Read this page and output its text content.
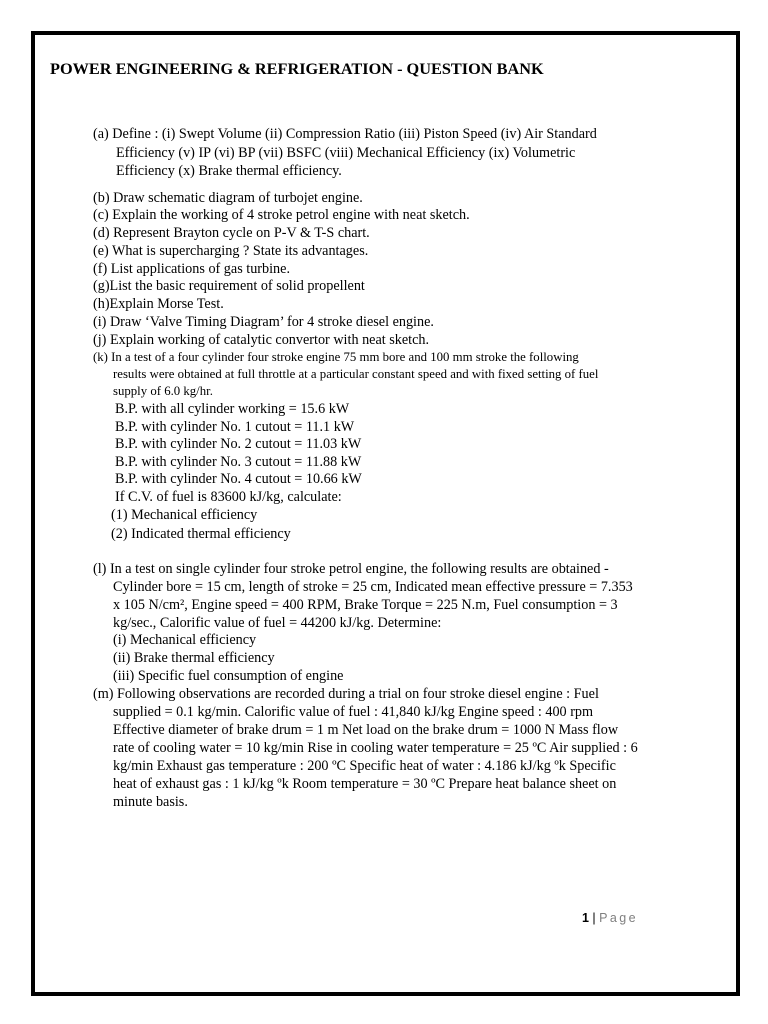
POWER ENGINEERING & REFRIGERATION - QUESTION BANK
(a) Define : (i) Swept Volume (ii) Compression Ratio (iii) Piston Speed (iv) Air Standard
Efficiency (v) IP (vi) BP (vii) BSFC (viii) Mechanical Efficiency (ix) Volumetric
Efficiency (x) Brake thermal efficiency.
(b) Draw schematic diagram of turbojet engine.
(c) Explain the working of 4 stroke petrol engine with neat sketch.
(d) Represent Brayton cycle on P-V & T-S chart.
(e) What is supercharging ? State its advantages.
(f) List applications of gas turbine.
(g)List the basic requirement of solid propellent
(h)Explain Morse Test.
(i) Draw ‘Valve Timing Diagram’ for 4 stroke diesel engine.
(j) Explain working of catalytic convertor with neat sketch.
(k) In a test of a four cylinder four stroke engine 75 mm bore and 100 mm stroke the following
results were obtained at full throttle at a particular constant speed and with fixed setting of fuel
supply of 6.0 kg/hr.
B.P. with all cylinder working = 15.6 kW
B.P. with cylinder No. 1 cutout = 11.1 kW
B.P. with cylinder No. 2 cutout = 11.03 kW
B.P. with cylinder No. 3 cutout = 11.88 kW
B.P. with cylinder No. 4 cutout = 10.66 kW
If C.V. of fuel is 83600 kJ/kg, calculate:
(1) Mechanical efficiency
(2) Indicated thermal efficiency
(l) In a test on single cylinder four stroke petrol engine, the following results are obtained -
Cylinder bore = 15 cm, length of stroke = 25 cm, Indicated mean effective pressure = 7.353
x 105 N/cm², Engine speed = 400 RPM, Brake Torque = 225 N.m, Fuel consumption = 3
kg/sec., Calorific value of fuel = 44200 kJ/kg. Determine:
(i) Mechanical efficiency
(ii) Brake thermal efficiency
(iii) Specific fuel consumption of engine
(m) Following observations are recorded during a trial on four stroke diesel engine : Fuel
supplied = 0.1 kg/min. Calorific value of fuel : 41,840 kJ/kg Engine speed : 400 rpm
Effective diameter of brake drum = 1 m Net load on the brake drum = 1000 N Mass flow
rate of cooling water = 10 kg/min Rise in cooling water temperature = 25 ºC Air supplied : 6
kg/min Exhaust gas temperature : 200 ºC Specific heat of water : 4.186 kJ/kg ºk Specific
heat of exhaust gas : 1 kJ/kg ºk Room temperature = 30 ºC Prepare heat balance sheet on
minute basis.
1 | Page
